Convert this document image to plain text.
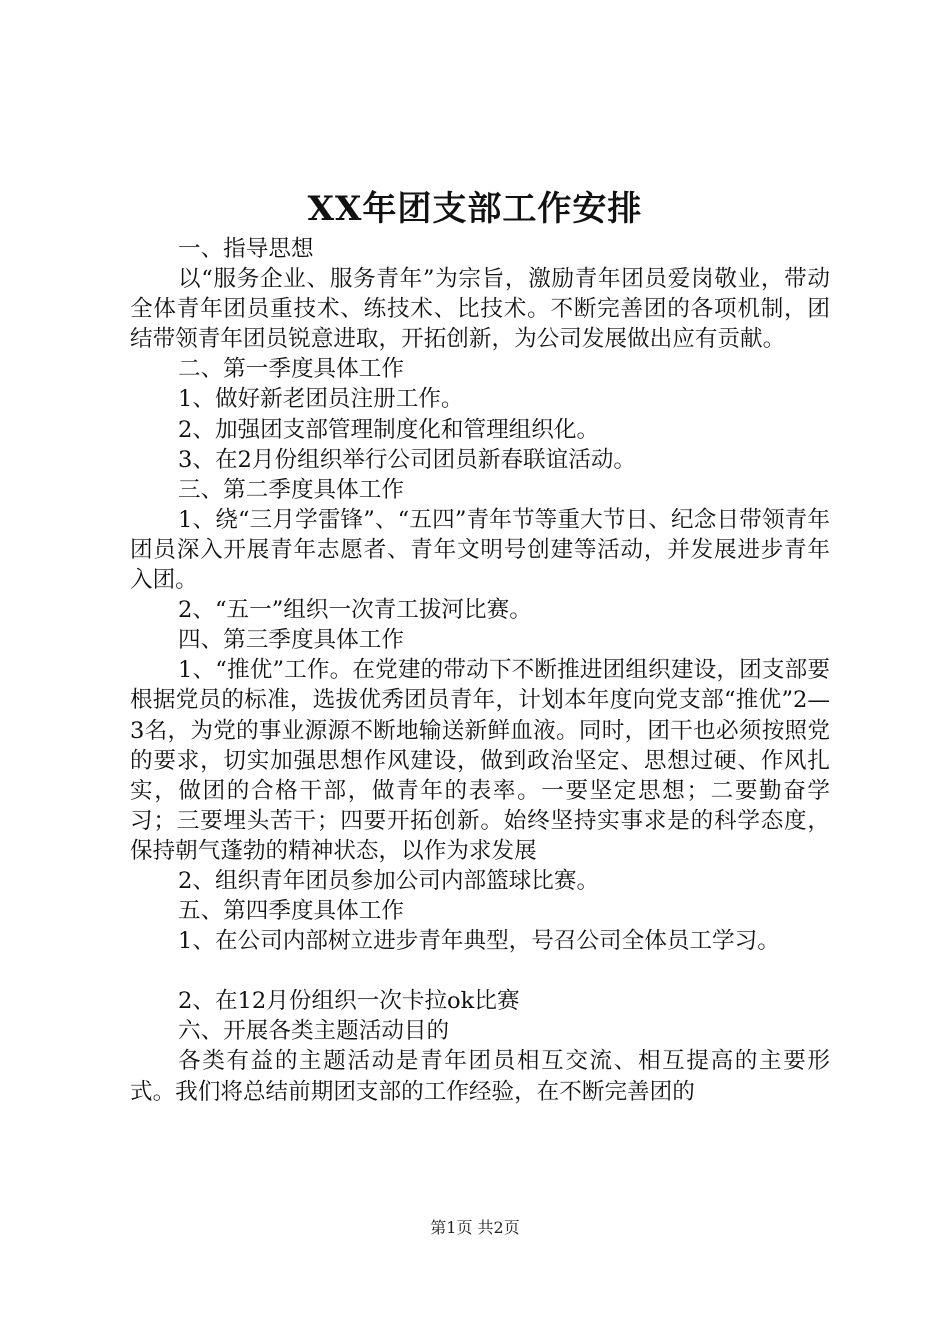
XX年团支部工作安排

一、指导思想

以“服务企业、服务青年”为宗旨，激励青年团员爱岗敬业，带动全体青年团员重技术、练技术、比技术。不断完善团的各项机制，团结带领青年团员锐意进取，开拓创新，为公司发展做出应有贡献。

二、第一季度具体工作

1、做好新老团员注册工作。

2、加强团支部管理制度化和管理组织化。

3、在2月份组织举行公司团员新春联谊活动。

三、第二季度具体工作

1、绕“三月学雷锋”、“五四”青年节等重大节日、纪念日带领青年团员深入开展青年志愿者、青年文明号创建等活动，并发展进步青年入团。

2、“五一”组织一次青工拔河比赛。

四、第三季度具体工作

1、“推优”工作。在党建的带动下不断推进团组织建设，团支部要根据党员的标准，选拔优秀团员青年，计划本年度向党支部“推优”2—3名，为党的事业源源不断地输送新鲜血液。同时，团干也必须按照党的要求，切实加强思想作风建设，做到政治坚定、思想过硬、作风扎实，做团的合格干部，做青年的表率。一要坚定思想；二要勤奋学习；三要埋头苦干；四要开拓创新。始终坚持实事求是的科学态度，保持朝气蓬勃的精神状态，以作为求发展

2、组织青年团员参加公司内部篮球比赛。

五、第四季度具体工作

1、在公司内部树立进步青年典型，号召公司全体员工学习。

2、在12月份组织一次卡拉ok比赛

六、开展各类主题活动目的

各类有益的主题活动是青年团员相互交流、相互提高的主要形式。我们将总结前期团支部的工作经验，在不断完善团的

第1页 共2页
